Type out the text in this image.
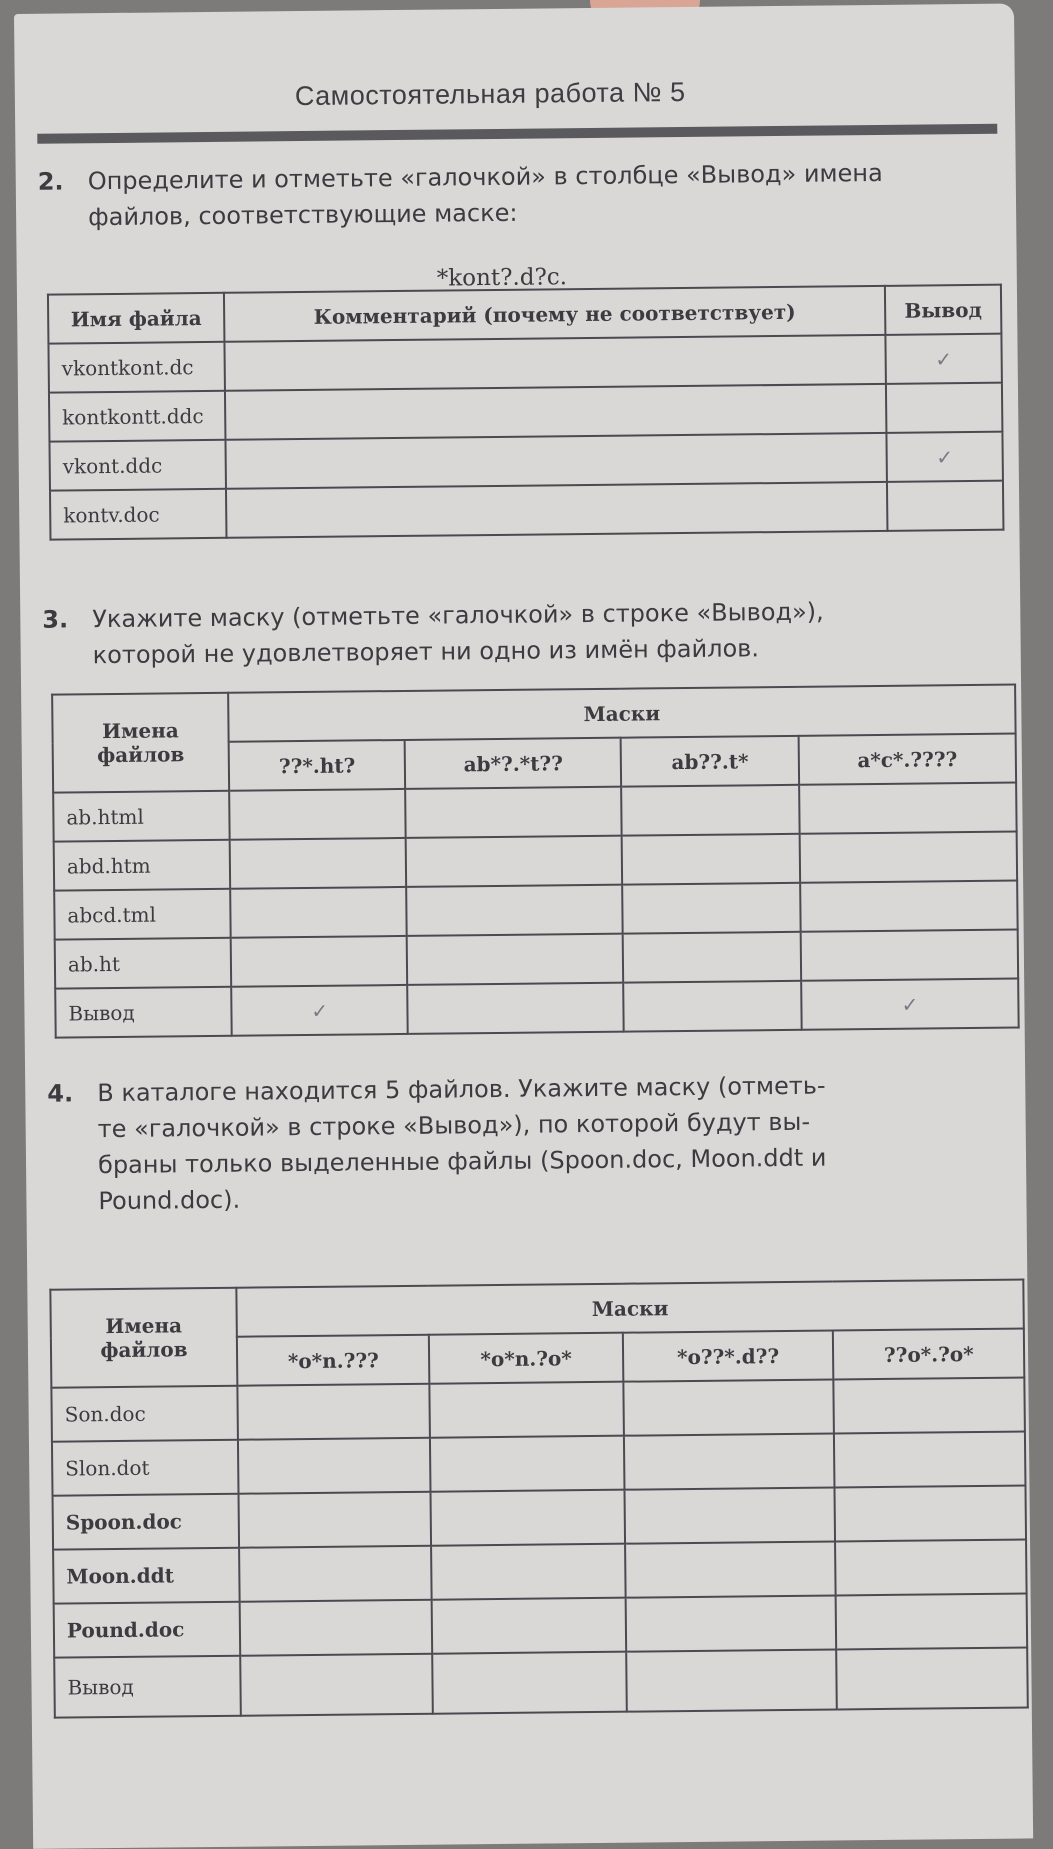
Самостоятельная работа № 5
2. Определите и отметьте «галочкой» в столбце «Вывод» имена
файлов, соответствующие маске:
*kont?.d?c.
Имя файла	Комментарий (почему не соответствует)	Вывод
vkontkont.dc		✓
kontkontt.ddc		
vkont.ddc		✓
kontv.doc		
3. Укажите маску (отметьте «галочкой» в строке «Вывод»),
которой не удовлетворяет ни одно из имён файлов.
Имена файлов	Маски			
	??*.ht?	ab*?.*t??	ab??.t*	a*c*.????
ab.html				
abd.htm				
abcd.tml				
ab.ht				
Вывод	✓			✓
4. В каталоге находится 5 файлов. Укажите маску (отметь-
те «галочкой» в строке «Вывод»), по которой будут вы-
браны только выделенные файлы (Spoon.doc, Moon.ddt и
Pound.doc).
Имена файлов	Маски			
	*o*n.???	*o*n.?o*	*o??*.d??	??o*.?o*
Son.doc				
Slon.dot				
Spoon.doc				
Moon.ddt				
Pound.doc				
Вывод				
